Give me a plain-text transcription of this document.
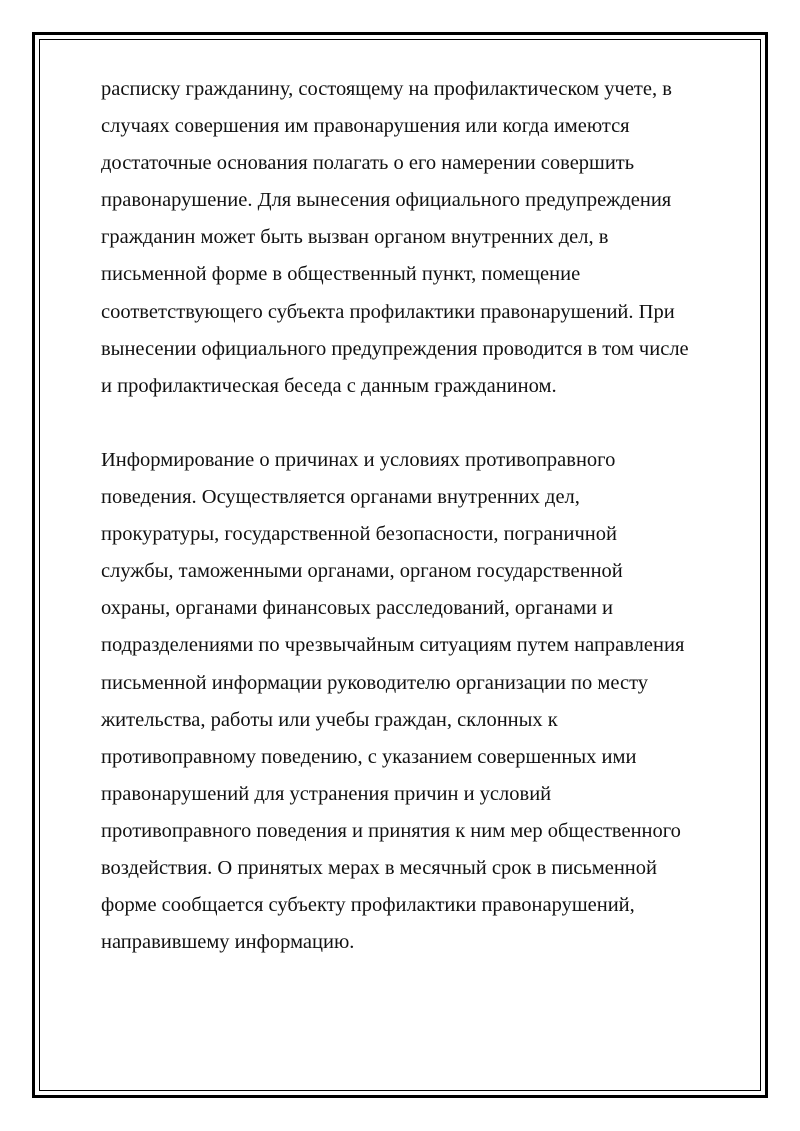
расписку гражданину, состоящему на профилактическом учете, в
случаях совершения им правонарушения или когда имеются
достаточные основания полагать о его намерении совершить
правонарушение. Для вынесения официального предупреждения
гражданин может быть вызван органом внутренних дел, в
письменной форме в общественный пункт, помещение
соответствующего субъекта профилактики правонарушений. При
вынесении официального предупреждения проводится в том числе
и профилактическая беседа с данным гражданином.
Информирование о причинах и условиях противоправного
поведения. Осуществляется органами внутренних дел,
прокуратуры, государственной безопасности, пограничной
службы, таможенными органами, органом государственной
охраны, органами финансовых расследований, органами и
подразделениями по чрезвычайным ситуациям путем направления
письменной информации руководителю организации по месту
жительства, работы или учебы граждан, склонных к
противоправному поведению, с указанием совершенных ими
правонарушений для устранения причин и условий
противоправного поведения и принятия к ним мер общественного
воздействия. О принятых мерах в месячный срок в письменной
форме сообщается субъекту профилактики правонарушений,
направившему информацию.
